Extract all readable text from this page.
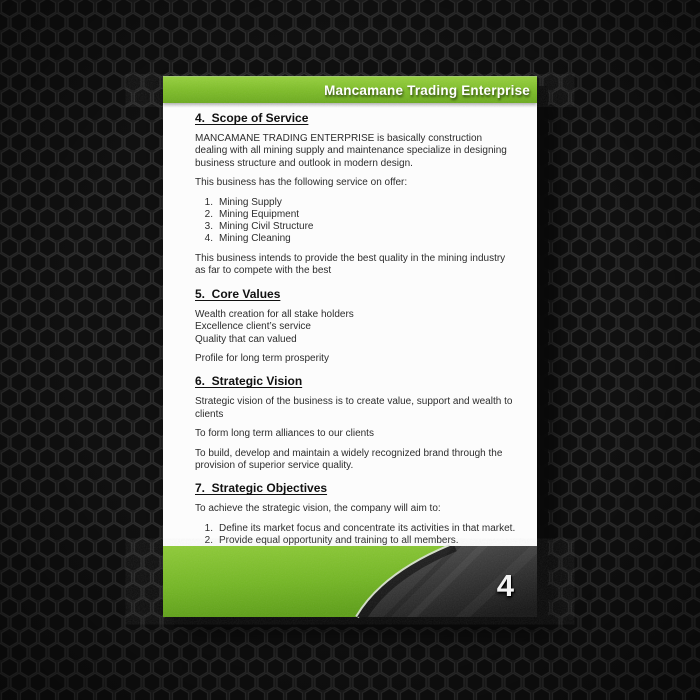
Mancamane Trading Enterprise
4.  Scope of Service

MANCAMANE TRADING ENTERPRISE is basically construction dealing with all mining supply and maintenance specialize in designing business structure and outlook in modern design.

This business has the following service on offer:

1. Mining Supply
2. Mining Equipment
3. Mining Civil Structure
4. Mining Cleaning

This business intends to provide the best quality in the mining industry as far to compete with the best

5.  Core Values
Wealth creation for all stake holders
Excellence client’s service
Quality that can valued

Profile for long term prosperity

6.  Strategic Vision

Strategic vision of the business is to create value, support and wealth to clients

To form long term alliances to our clients

To build, develop and maintain a widely recognized brand through the provision of superior service quality.

7.  Strategic Objectives

To achieve the strategic vision, the company will aim to:

1. Define its market focus and concentrate its activities in that market.
2. Provide equal opportunity and training to all members.
4
